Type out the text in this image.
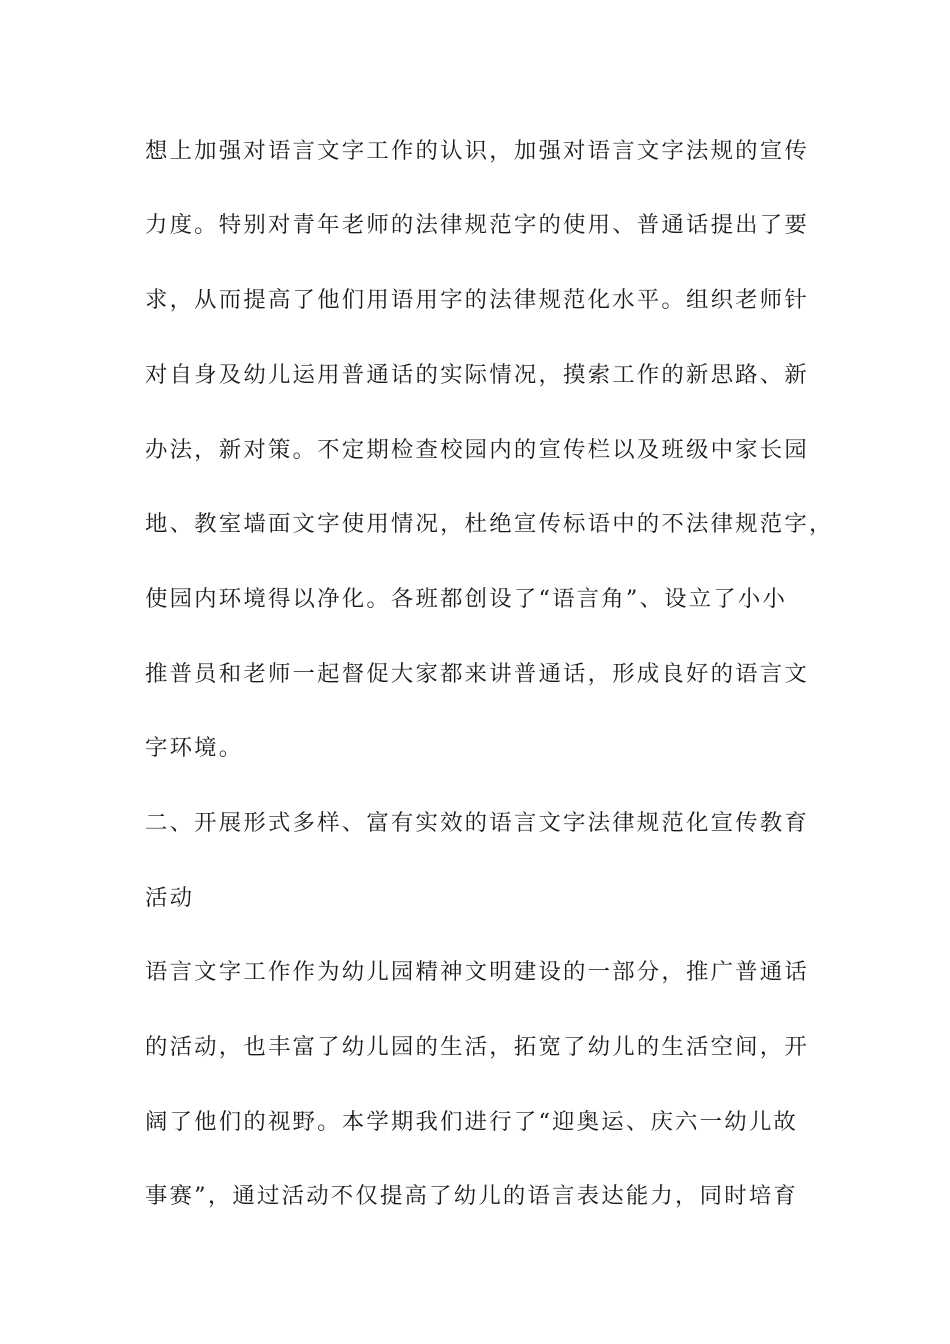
想上加强对语言文字工作的认识，加强对语言文字法规的宣传
力度。特别对青年老师的法律规范字的使用、普通话提出了要
求，从而提高了他们用语用字的法律规范化水平。组织老师针
对自身及幼儿运用普通话的实际情况，摸索工作的新思路、新
办法，新对策。不定期检查校园内的宣传栏以及班级中家长园
地、教室墙面文字使用情况，杜绝宣传标语中的不法律规范字，
使园内环境得以净化。各班都创设了“语言角”、设立了小小
推普员和老师一起督促大家都来讲普通话，形成良好的语言文
字环境。
二、开展形式多样、富有实效的语言文字法律规范化宣传教育
活动
语言文字工作作为幼儿园精神文明建设的一部分，推广普通话
的活动，也丰富了幼儿园的生活，拓宽了幼儿的生活空间，开
阔了他们的视野。本学期我们进行了“迎奥运、庆六一幼儿故
事赛”，通过活动不仅提高了幼儿的语言表达能力，同时培育
